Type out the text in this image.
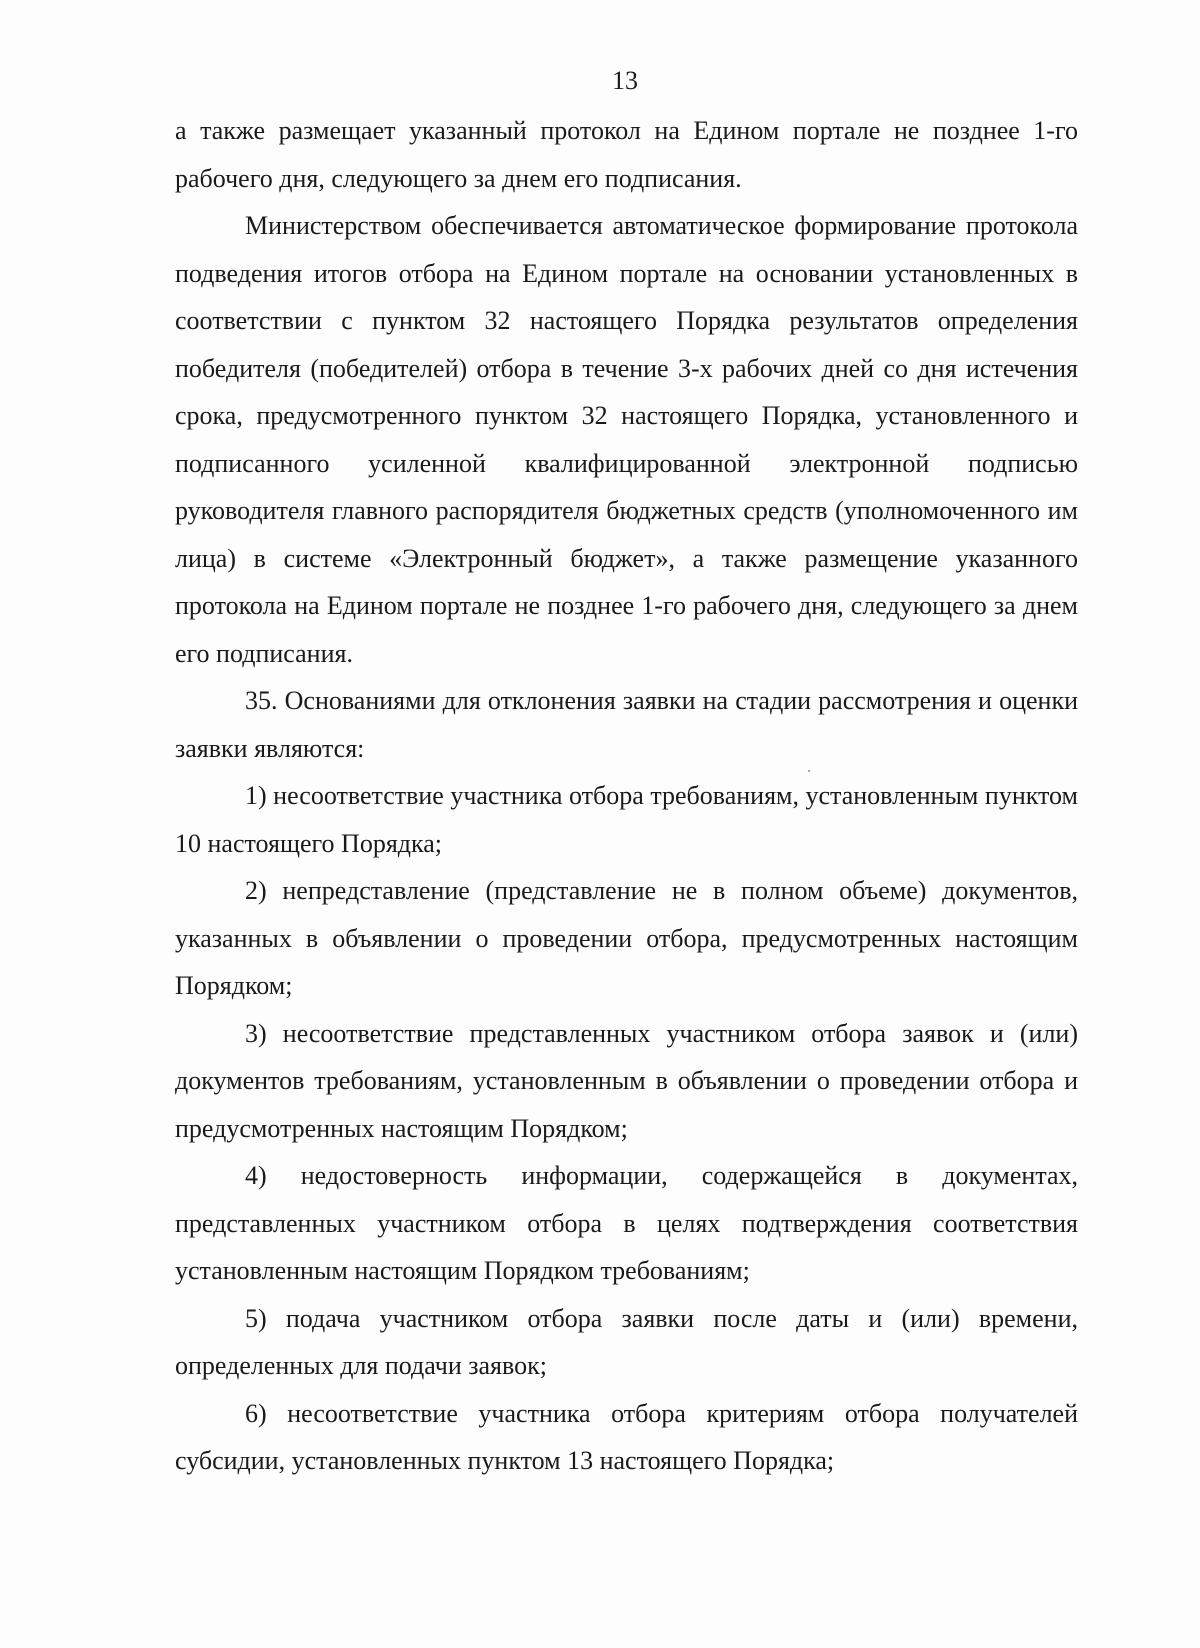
13

а также размещает указанный протокол на Едином портале не позднее 1-го рабочего дня, следующего за днем его подписания.

Министерством обеспечивается автоматическое формирование протокола подведения итогов отбора на Едином портале на основании установленных в соответствии с пунктом 32 настоящего Порядка результатов определения победителя (победителей) отбора в течение 3-х рабочих дней со дня истечения срока, предусмотренного пунктом 32 настоящего Порядка, установленного и подписанного усиленной квалифицированной электронной подписью руководителя главного распорядителя бюджетных средств (уполномоченного им лица) в системе «Электронный бюджет», а также размещение указанного протокола на Едином портале не позднее 1-го рабочего дня, следующего за днем его подписания.

35. Основаниями для отклонения заявки на стадии рассмотрения и оценки заявки являются:

1) несоответствие участника отбора требованиям, установленным пунктом 10 настоящего Порядка;

2) непредставление (представление не в полном объеме) документов, указанных в объявлении о проведении отбора, предусмотренных настоящим Порядком;

3) несоответствие представленных участником отбора заявок и (или) документов требованиям, установленным в объявлении о проведении отбора и предусмотренных настоящим Порядком;

4) недостоверность информации, содержащейся в документах, представленных участником отбора в целях подтверждения соответствия установленным настоящим Порядком требованиям;

5) подача участником отбора заявки после даты и (или) времени, определенных для подачи заявок;

6) несоответствие участника отбора критериям отбора получателей субсидии, установленных пунктом 13 настоящего Порядка;
